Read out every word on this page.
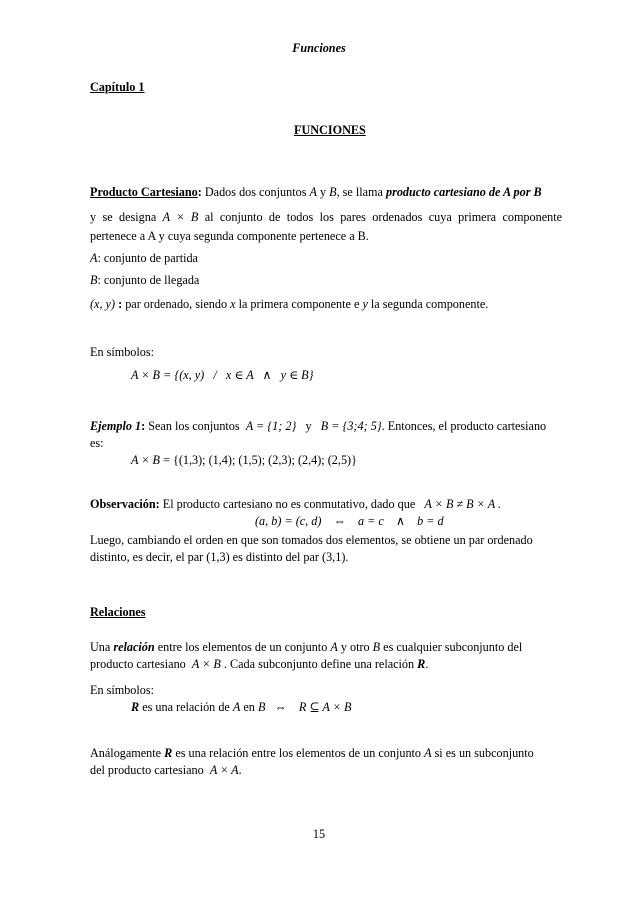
Funciones
Capítulo 1
FUNCIONES
Producto Cartesiano: Dados dos conjuntos A y B, se llama producto cartesiano de A por B
y se designa A × B al conjunto de todos los pares ordenados cuya primera componente
pertenece a A y cuya segunda componente pertenece a B.
A: conjunto de partida
B: conjunto de llegada
(x, y) : par ordenado, siendo x la primera componente e y la segunda componente.
En símbolos:
A × B = {(x, y)   /   x ∈ A   ∧   y ∈ B}
Ejemplo 1: Sean los conjuntos A = {1; 2} y B = {3;4; 5}. Entonces, el producto cartesiano
es:
A × B = {(1,3); (1,4); (1,5); (2,3); (2,4); (2,5)}
Observación: El producto cartesiano no es conmutativo, dado que A × B ≠ B × A .
(a, b) = (c, d)    ⇔    a = c    ∧    b = d
Luego, cambiando el orden en que son tomados dos elementos, se obtiene un par ordenado
distinto, es decir, el par (1,3) es distinto del par (3,1).
Relaciones
Una relación entre los elementos de un conjunto A y otro B es cualquier subconjunto del
producto cartesiano A × B . Cada subconjunto define una relación R.
En símbolos:
R es una relación de A en B ⇔ R ⊆ A × B
Análogamente R es una relación entre los elementos de un conjunto A si es un subconjunto
del producto cartesiano A × A.
15
